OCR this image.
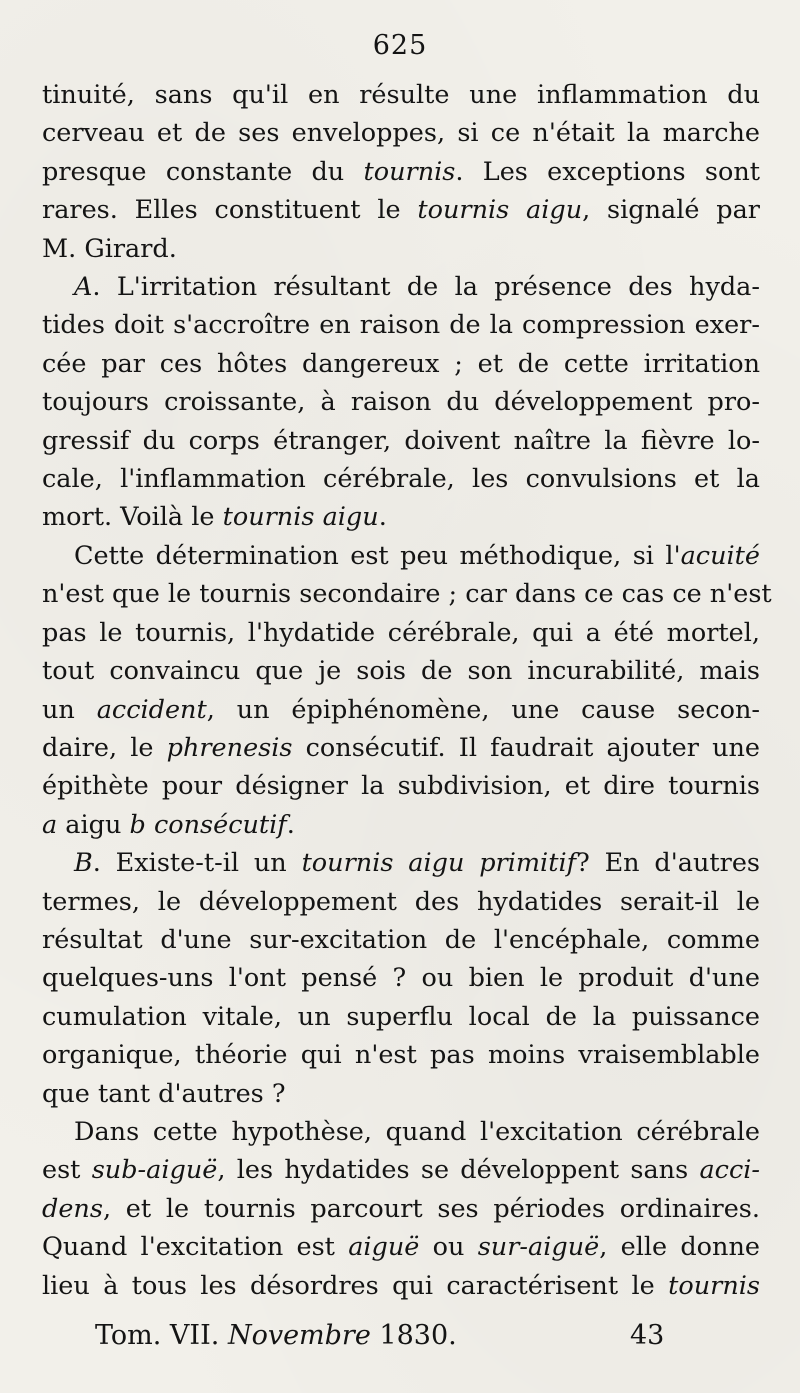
625
tinuité, sans qu'il en résulte une inflammation du
cerveau et de ses enveloppes, si ce n'était la marche
presque constante du tournis. Les exceptions sont
rares. Elles constituent le tournis aigu, signalé par
M. Girard.
A. L'irritation résultant de la présence des hyda-
tides doit s'accroître en raison de la compression exer-
cée par ces hôtes dangereux ; et de cette irritation
toujours croissante, à raison du développement pro-
gressif du corps étranger, doivent naître la fièvre lo-
cale, l'inflammation cérébrale, les convulsions et la
mort. Voilà le tournis aigu.
Cette détermination est peu méthodique, si l'acuité
n'est que le tournis secondaire ; car dans ce cas ce n'est
pas le tournis, l'hydatide cérébrale, qui a été mortel,
tout convaincu que je sois de son incurabilité, mais
un accident, un épiphénomène, une cause secon-
daire, le phrenesis consécutif. Il faudrait ajouter une
épithète pour désigner la subdivision, et dire tournis
a aigu b consécutif.
B. Existe-t-il un tournis aigu primitif? En d'autres
termes, le développement des hydatides serait-il le
résultat d'une sur-excitation de l'encéphale, comme
quelques-uns l'ont pensé ? ou bien le produit d'une
cumulation vitale, un superflu local de la puissance
organique, théorie qui n'est pas moins vraisemblable
que tant d'autres ?
Dans cette hypothèse, quand l'excitation cérébrale
est sub-aiguë, les hydatides se développent sans acci-
dens, et le tournis parcourt ses périodes ordinaires.
Quand l'excitation est aiguë ou sur-aiguë, elle donne
lieu à tous les désordres qui caractérisent le tournis
Tom. VII. Novembre 1830.	43
